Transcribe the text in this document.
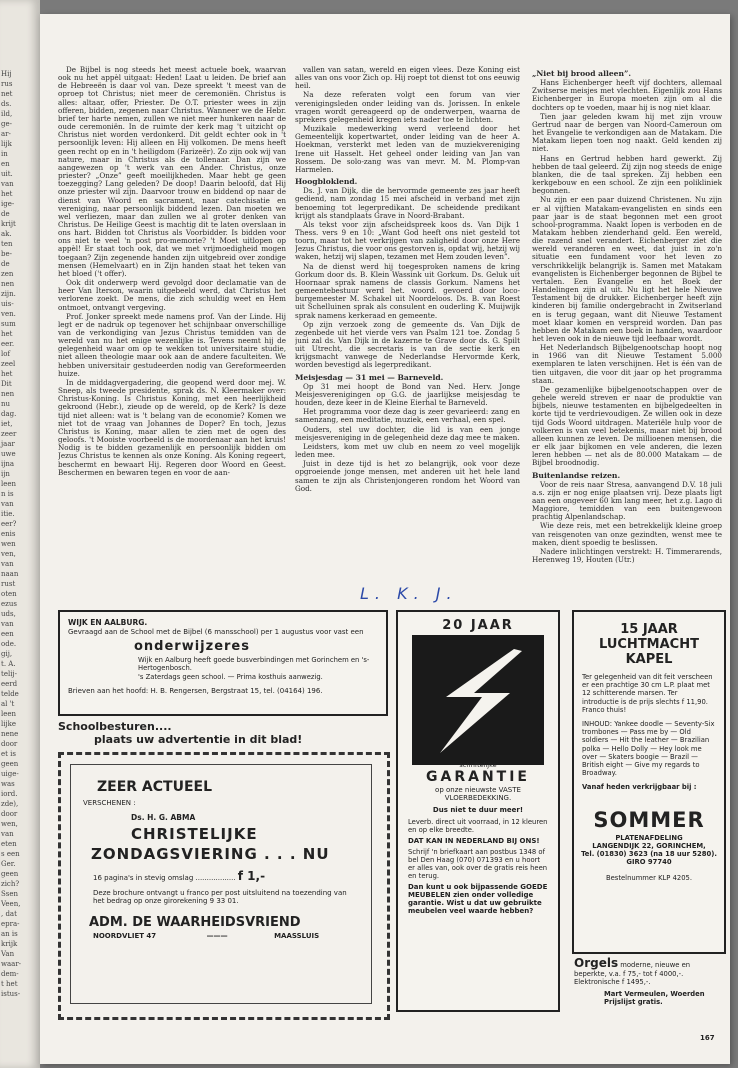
Hij
rus
net
ds.
ild,
ge-
ar-
lijk
in
en
uit.
van
het
ige-
de
krijt
ak.
ten
be-
de
zen
nen
zijn.
uis-
ven.
sum
het
eer.
lof
zeel
het
Dit
nen
nu
dag.
iet,
zeer
jaar
uwe
ijna
ijn
leen
n is
van
itie.
eer?
enis
wen
ven,
van
naan
rust
oten
ezus
uds,
van
een
ode.
gij,
t. A.
telij-
eerd
telde
al 't
leen
lijke
nene
door
et is
geen
uige-
was
iord.
zde),
door
wen,
van
eten
s een
Ger.
geen
zich?
Ssen
Veen,
, dat
epra-
an is
krijk
Van
waar-
dem-
t het
istus-

De Bijbel is nog steeds het meest actuele boek, waarvan ook nu het appèl uitgaat: Heden! Laat u leiden. De brief aan de Hebreeën is daar vol van. Deze spreekt 't meest van de oproep tot Christus; niet meer de ceremoniën. Christus is alles: altaar, offer, Priester. De O.T. priester wees in zijn offeren, bidden, zegenen naar Christus. Wanneer we de Hebr. brief ter harte nemen, zullen we niet meer hunkeren naar de oude ceremoniën. In de ruimte der kerk mag 't uitzicht op Christus niet worden verdonkerd. Dit geldt echter ook in 't persoonlijk leven: Hij alleen en Hij volkomen. De mens heeft geen recht op en in 't heiligdom (Farizeër). Zo zijn ook wij van nature, maar in Christus als de tollenaar. Dan zijn we aangewezen op 't werk van een Ander. Christus, onze priester? „Onze” geeft moeilijkheden. Maar hebt ge geen toezegging? Lang geleden? De doop! Daarin beloofd, dat Hij onze priester wil zijn. Daarvoor trouw en biddend op naar de dienst van Woord en sacrament, naar catechisatie en vereniging, naar persoonlijk biddend lezen. Dan moeten we wel verliezen, maar dan zullen we al groter denken van Christus. De Heilige Geest is machtig dit te laten overslaan in ons hart. Bidden tot Christus als Voorbidder. Is bidden voor ons niet te veel 'n post pro-memorie? 't Moet uitlopen op appèl! Er staat toch ook, dat we met vrijmoedigheid mogen toegaan? Zijn zegenende handen zijn uitgebreid over zondige mensen (Hemelvaart) en in Zijn handen staat het teken van het bloed ('t offer).

Ook dit onderwerp werd gevolgd door declamatie van de heer Van Iterson, waarin uitgebeeld werd, dat Christus het verlorene zoekt. De mens, die zich schuldig weet en Hem ontmoet, ontvangt vergeving.

Prof. Jonker spreekt mede namens prof. Van der Linde. Hij legt er de nadruk op tegenover het schijnbaar onverschillige van de verkondiging van Jezus Christus temidden van de wereld van nu het enige wezenlijke is. Tevens neemt hij de gelegenheid waar om op te wekken tot universitaire studie, niet alleen theologie maar ook aan de andere faculteiten. We hebben universitair gestudeerden nodig van Gereformeerden huize.

In de middagvergadering, die geopend werd door mej. W. Sneep, als tweede presidente, sprak ds. N. Kleermaker over: Christus-Koning. Is Christus Koning, met een heerlijkheid gekroond (Hebr.), zieude op de wereld, op de Kerk? Is deze tijd niet alleen: wat is 't belang van de economie? Komen we niet tot de vraag van Johannes de Doper? En toch, Jezus Christus is Koning, maar allen te zien met de ogen des geloofs. 't Mooiste voorbeeld is de moordenaar aan het kruis! Nodig is te bidden gezamenlijk en persoonlijk bidden om Jezus Christus te kennen als onze Koning. Als Koning regeert, beschermt en bewaart Hij. Regeren door Woord en Geest. Beschermen en bewaren tegen en voor de aan-

vallen van satan, wereld en eigen vlees. Deze Koning eist alles van ons voor Zich op. Hij roept tot dienst tot ons eeuwig heil.

Na deze referaten volgt een forum van vier verenigingsleden onder leiding van ds. Jorissen. In enkele vragen wordt gereageerd op de onderwerpen, waarna de sprekers gelegenheid kregen iets nader toe te lichten.

Muzikale medewerking werd verleend door het Gemeentelijk kopertwartet, onder leiding van de heer A. Hoekman, versterkt met leden van de muziekvereniging Irene uit Hasselt. Het geheel onder leiding van Jan van Rossem. De solo-zang was van mevr. M. M. Plomp-van Harmelen.

Hoogbloklend.

Ds. J. van Dijk, die de hervormde gemeente zes jaar heeft gediend, nam zondag 15 mei afscheid in verband met zijn benoeming tot legerpredikant. De scheidende predikant krijgt als standplaats Grave in Noord-Brabant.

Als tekst voor zijn afscheidspreek koos ds. Van Dijk 1 Thess. vers 9 en 10: „Want God heeft ons niet gesteld tot toorn, maar tot het verkrijgen van zaligheid door onze Here Jezus Christus, die voor ons gestorven is, opdat wij, hetzij wij waken, hetzij wij slapen, tezamen met Hem zouden leven”.

Na de dienst werd hij toegesproken namens de kring Gorkum door ds. B. Klein Wassink uit Gorkum. Ds. Geluk uit Hoornaar sprak namens de classis Gorkum. Namens het gemeentebestuur werd het. woord. gevoerd door loco-burgemeester M. Schakel uit Noordeloos. Ds. B. van Roest uit Schelluinen sprak als consulent en ouderling K. Muijwijk sprak namens kerkeraad en gemeente.

Op zijn verzoek zong de gemeente ds. Van Dijk de zegenbede uit het vierde vers van Psalm 121 toe. Zondag 5 juni zal ds. Van Dijk in de kazerne te Grave door ds. G. Spilt uit Utrecht, die secretaris is van de sectie kerk en krijgsmacht vanwege de Nederlandse Hervormde Kerk, worden bevestigd als legerpredikant.

Meisjesdag — 31 mei — Barneveld.

Op 31 mei hoopt de Bond van Ned. Herv. Jonge Meisjesverenigingen op G.G. de jaarlijkse meisjesdag te houden, deze keer in de Kleine Eierhal te Barneveld.

Het programma voor deze dag is zeer gevarieerd: zang en samenzang, een meditatie, muziek, een verhaal, een spel.

Ouders, stel uw dochter, die lid is van een jonge meisjesvereniging in de gelegenheid deze dag mee te maken.

Leidsters, kom met uw club en neem zo veel mogelijk leden mee.

Juist in deze tijd is het zo belangrijk, ook voor deze opgroeiende jonge mensen, met anderen uit het hele land samen te zijn als Christenjongeren rondom het Woord van God.

„Niet bij brood alleen”.

Hans Eichenberger heeft vijf dochters, allemaal Zwitserse meisjes met vlechten. Eigenlijk zou Hans Eichenberger in Europa moeten zijn om al die dochters op te voeden, maar hij is nog niet klaar.

Tien jaar geleden kwam hij met zijn vrouw Gertrud naar de bergen van Noord-Cameroun om het Evangelie te verkondigen aan de Matakam. Die Matakam liepen toen nog naakt. Geld kenden zij niet.

Hans en Gertrud hebben hard gewerkt. Zij hebben de taal geleerd. Zij zijn nog steeds de enige blanken, die de taal spreken. Zij hebben een kerkgebouw en een school. Ze zijn een polikliniek begonnen.

Nu zijn er een paar duizend Christenen. Nu zijn er al vijftien Matakam-evangelisten en sinds een paar jaar is de staat begonnen met een groot school-programma. Naakt lopen is verboden en de Matakam hebben zienderhand geld. Een wereld, die razend snel verandert. Eichenberger ziet die wereld veranderen en weet, dat juist in zo'n situatie een fundament voor het leven zo verschrikkelijk belangrijk is. Samen met Matakam evangelisten is Eichenberger begonnen de Bijbel te vertalen. Een Evangelie en het Boek der Handelingen zijn al uit. Nu ligt het hele Nieuwe Testament bij de drukker. Eichenberger heeft zijn kinderen bij familie ondergebracht in Zwitserland en is terug gegaan, want dit Nieuwe Testament moet klaar komen en verspreid worden. Dan pas hebben de Matakam een boek in handen, waardoor het leven ook in de nieuwe tijd leefbaar wordt.

Het Nederlandsch Bijbelgenootschap hoopt nog in 1966 van dit Nieuwe Testament 5.000 exemplaren te laten verschijnen. Het is één van de tien uitgaven, die voor dit jaar op het programma staan.

De gezamenlijke bijbelgenootschappen over de gehele wereld streven er naar de produktie van bijbels, nieuwe testamenten en bijbelgedeelten in korte tijd te verdrievoudigen. Ze willen ook in deze tijd Gods Woord uitdragen. Materiële hulp voor de volkeren is van veel betekenis, maar niet bij brood alleen kunnen ze leven. De millioenen mensen, die er elk jaar bijkomen en vele anderen, die lezen leren hebben — net als de 80.000 Matakam — de Bijbel broodnodig.

Buitenlandse reizen.

Voor de reis naar Stresa, aanvangend D.V. 18 juli a.s. zijn er nog enige plaatsen vrij. Deze plaats ligt aan een ongeveer 60 km lang meer, het z.g. Lago di Maggiore, temidden van een buitengewoon prachtig Alpenlandschap.

Wie deze reis, met een betrekkelijk kleine groep van reisgenoten van onze gezindten, wenst mee te maken, dient spoedig te beslissen.

Nadere inlichtingen verstrekt: H. Timmerarends, Herenweg 19, Houten (Utr.)

L. K. J.
WIJK EN AALBURG.
Gevraagd aan de School met de Bijbel (6 mansschool) per 1 augustus voor vast een
onderwijzeres
Wijk en Aalburg heeft goede busverbindingen met Gorinchem en 's-Hertogenbosch.
's Zaterdags geen school. — Prima kosthuis aanwezig.
Brieven aan het hoofd: H. B. Rengersen, Bergstraat 15, tel. (04164) 196.
Schoolbesturen....
plaats uw advertentie in dit blad!
ZEER ACTUEEL
VERSCHENEN :
Ds. H. G. ABMA
CHRISTELIJKE
ZONDAGSVIERING . . . NU
16 pagina's in stevig omslag .................. f 1,-
Deze brochure ontvangt u franco per post uitsluitend na toezending van het bedrag op onze girorekening 9 33 01.
ADM. DE WAARHEIDSVRIEND
NOORDVLIET 47	———	MAASSLUIS
20 JAAR
schriftelijke
GARANTIE
op onze nieuwste VASTE VLOERBEDEKKING.
Dus niet te duur meer!
Leverb. direct uit voorraad, in 12 kleuren en op elke breedte.
DAT KAN IN NEDERLAND BIJ ONS!
Schrijf 'n briefkaart aan postbus 1348 of bel Den Haag (070) 071393 en u hoort er alles van, ook over de gratis reis heen en terug.
Dan kunt u ook bijpassende GOEDE MEUBELEN zien onder volledige garantie. Wist u dat uw gebruikte meubelen veel waarde hebben?
15 JAAR
LUCHTMACHT
KAPEL
Ter gelegenheid van dit feit verscheen er een prachtige 30 cm L.P. plaat met 12 schitterende marsen. Ter introductie is de prijs slechts f 11,90. Franco thuis!
INHOUD: Yankee doodle — Seventy-Six trombones — Pass me by — Old soldiers — Hit the leather — Brazilian polka — Hello Dolly — Hey look me over — Skaters boogie — Brazil — British eight — Give my regards to Broadway.
Vanaf heden verkrijgbaar bij :
SOMMER
PLATENAFDELING
LANGENDIJK 22, GORINCHEM,
Tel. (01830) 3623 (na 18 uur 5280).
GIRO 97740
Bestelnummer KLP 4205.
Orgels moderne, nieuwe en beperkte, v.a. f 75,- tot f 4000,-. Elektronische f 1495,-.
Mart Vermeulen, Woerden
Prijslijst gratis.
167
